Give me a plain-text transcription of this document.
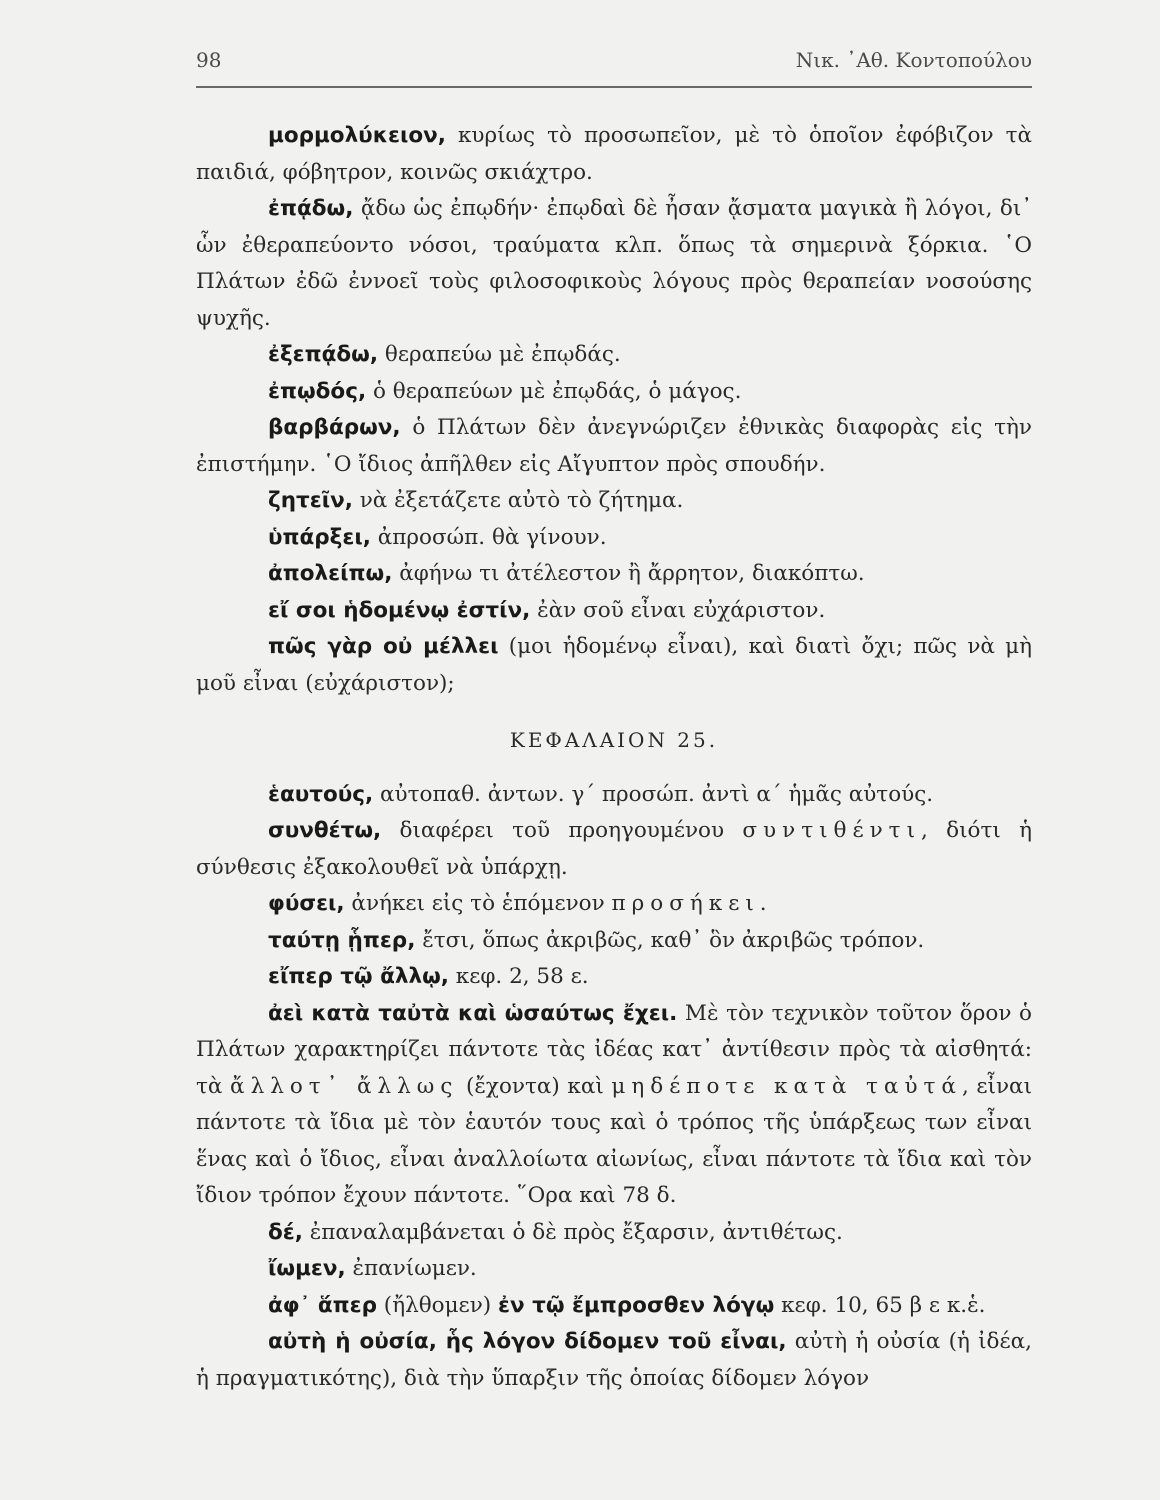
98	Νικ. ᾿Αθ. Κοντοπούλου

μορμολύκειον, κυρίως τὸ προσωπεῖον, μὲ τὸ ὁποῖον ἐφόβιζον τὰ παιδιά, φόβητρον, κοινῶς σκιάχτρο.

ἐπᾴδω, ᾄδω ὡς ἐπῳδήν· ἐπῳδαὶ δὲ ἦσαν ᾄσματα μαγικὰ ἢ λόγοι, δι᾽ ὧν ἐθεραπεύοντο νόσοι, τραύματα κλπ. ὅπως τὰ σημερινὰ ξόρκια. ῾Ο Πλάτων ἐδῶ ἐννοεῖ τοὺς φιλοσοφικοὺς λόγους πρὸς θεραπείαν νοσούσης ψυχῆς.

ἐξεπᾴδω, θεραπεύω μὲ ἐπῳδάς.

ἐπῳδός, ὁ θεραπεύων μὲ ἐπῳδάς, ὁ μάγος.

βαρβάρων, ὁ Πλάτων δὲν ἀνεγνώριζεν ἐθνικὰς διαφορὰς εἰς τὴν ἐπιστήμην. ῾Ο ἴδιος ἀπῆλθεν εἰς Αἴγυπτον πρὸς σπουδήν.

ζητεῖν, νὰ ἐξετάζετε αὐτὸ τὸ ζήτημα.

ὑπάρξει, ἀπροσώπ. θὰ γίνουν.

ἀπολείπω, ἀφήνω τι ἀτέλεστον ἢ ἄρρητον, διακόπτω.

εἴ σοι ἡδομένῳ ἐστίν, ἐὰν σοῦ εἶναι εὐχάριστον.

πῶς γὰρ οὐ μέλλει (μοι ἡδομένῳ εἶναι), καὶ διατὶ ὄχι; πῶς νὰ μὴ μοῦ εἶναι (εὐχάριστον);

ΚΕΦΑΛΑΙΟΝ 25.

ἑαυτούς, αὐτοπαθ. ἀντων. γ΄ προσώπ. ἀντὶ α΄ ἡμᾶς αὐτούς.

συνθέτω, διαφέρει τοῦ προηγουμένου συντιθέντι, διότι ἡ σύνθεσις ἐξακολουθεῖ νὰ ὑπάρχῃ.

φύσει, ἀνήκει εἰς τὸ ἑπόμενον προσήκει.

ταύτῃ ᾗπερ, ἔτσι, ὅπως ἀκριβῶς, καθ᾽ ὃν ἀκριβῶς τρόπον.

εἴπερ τῷ ἄλλῳ, κεφ. 2, 58 ε.

ἀεὶ κατὰ ταὐτὰ καὶ ὡσαύτως ἔχει. Μὲ τὸν τεχνικὸν τοῦτον ὅρον ὁ Πλάτων χαρακτηρίζει πάντοτε τὰς ἰδέας κατ᾽ ἀντίθεσιν πρὸς τὰ αἰσθητά: τὰ ἄλλοτ᾽ ἄλλως (ἔχοντα) καὶ μηδέποτε κατὰ ταὐτά, εἶναι πάντοτε τὰ ἴδια μὲ τὸν ἑαυτόν τους καὶ ὁ τρόπος τῆς ὑπάρξεως των εἶναι ἕνας καὶ ὁ ἴδιος, εἶναι ἀναλλοίωτα αἰωνίως, εἶναι πάντοτε τὰ ἴδια καὶ τὸν ἴδιον τρόπον ἔχουν πάντοτε. ῞Ορα καὶ 78 δ.

δέ, ἐπαναλαμβάνεται ὁ δὲ πρὸς ἔξαρσιν, ἀντιθέτως.

ἴωμεν, ἐπανίωμεν.

ἀφ᾽ ἅπερ (ἤλθομεν) ἐν τῷ ἔμπροσθεν λόγῳ κεφ. 10, 65 β ε κ.ἑ.

αὐτὴ ἡ οὐσία, ἧς λόγον δίδομεν τοῦ εἶναι, αὐτὴ ἡ οὐσία (ἡ ἰδέα, ἡ πραγματικότης), διὰ τὴν ὕπαρξιν τῆς ὁποίας δίδομεν λόγον
